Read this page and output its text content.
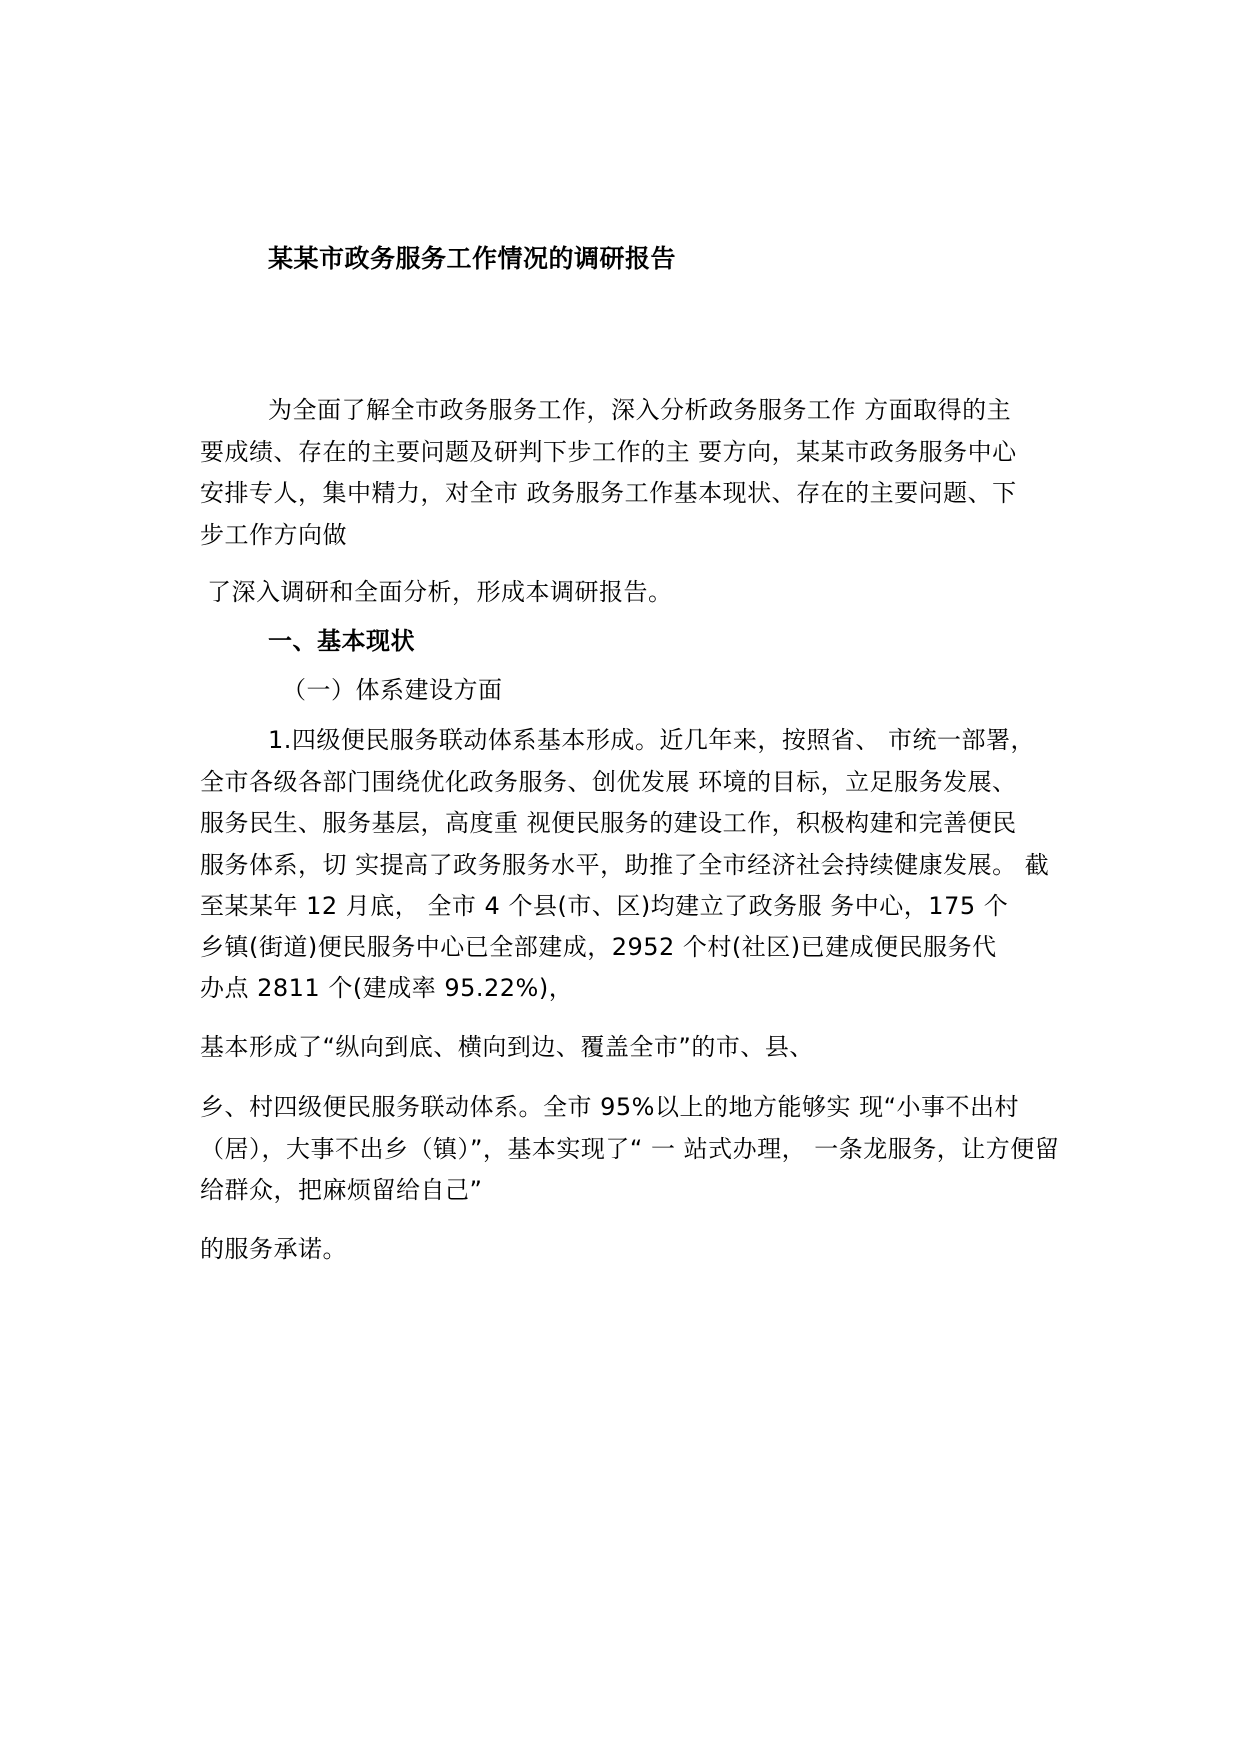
某某市政务服务工作情况的调研报告
为全面了解全市政务服务工作，深入分析政务服务工作 方面取得的主
要成绩、存在的主要问题及研判下步工作的主 要方向，某某市政务服务中心
安排专人，集中精力，对全市 政务服务工作基本现状、存在的主要问题、下
步工作方向做
了深入调研和全面分析，形成本调研报告。
一、基本现状
（一）体系建设方面
1.四级便民服务联动体系基本形成。近几年来，按照省、 市统一部署，
全市各级各部门围绕优化政务服务、创优发展 环境的目标，立足服务发展、
服务民生、服务基层，高度重 视便民服务的建设工作，积极构建和完善便民
服务体系，切 实提高了政务服务水平，助推了全市经济社会持续健康发展。 截
至某某年 12 月底， 全市 4 个县(市、区)均建立了政务服 务中心，175 个
乡镇(街道)便民服务中心已全部建成，2952 个村(社区)已建成便民服务代
办点 2811 个(建成率 95.22%)，
基本形成了“纵向到底、横向到边、覆盖全市”的市、县、
乡、村四级便民服务联动体系。全市 95%以上的地方能够实 现“小事不出村
（居），大事不出乡（镇）”，基本实现了“ 一 站式办理， 一条龙服务，让方便留
给群众，把麻烦留给自己”
的服务承诺。
